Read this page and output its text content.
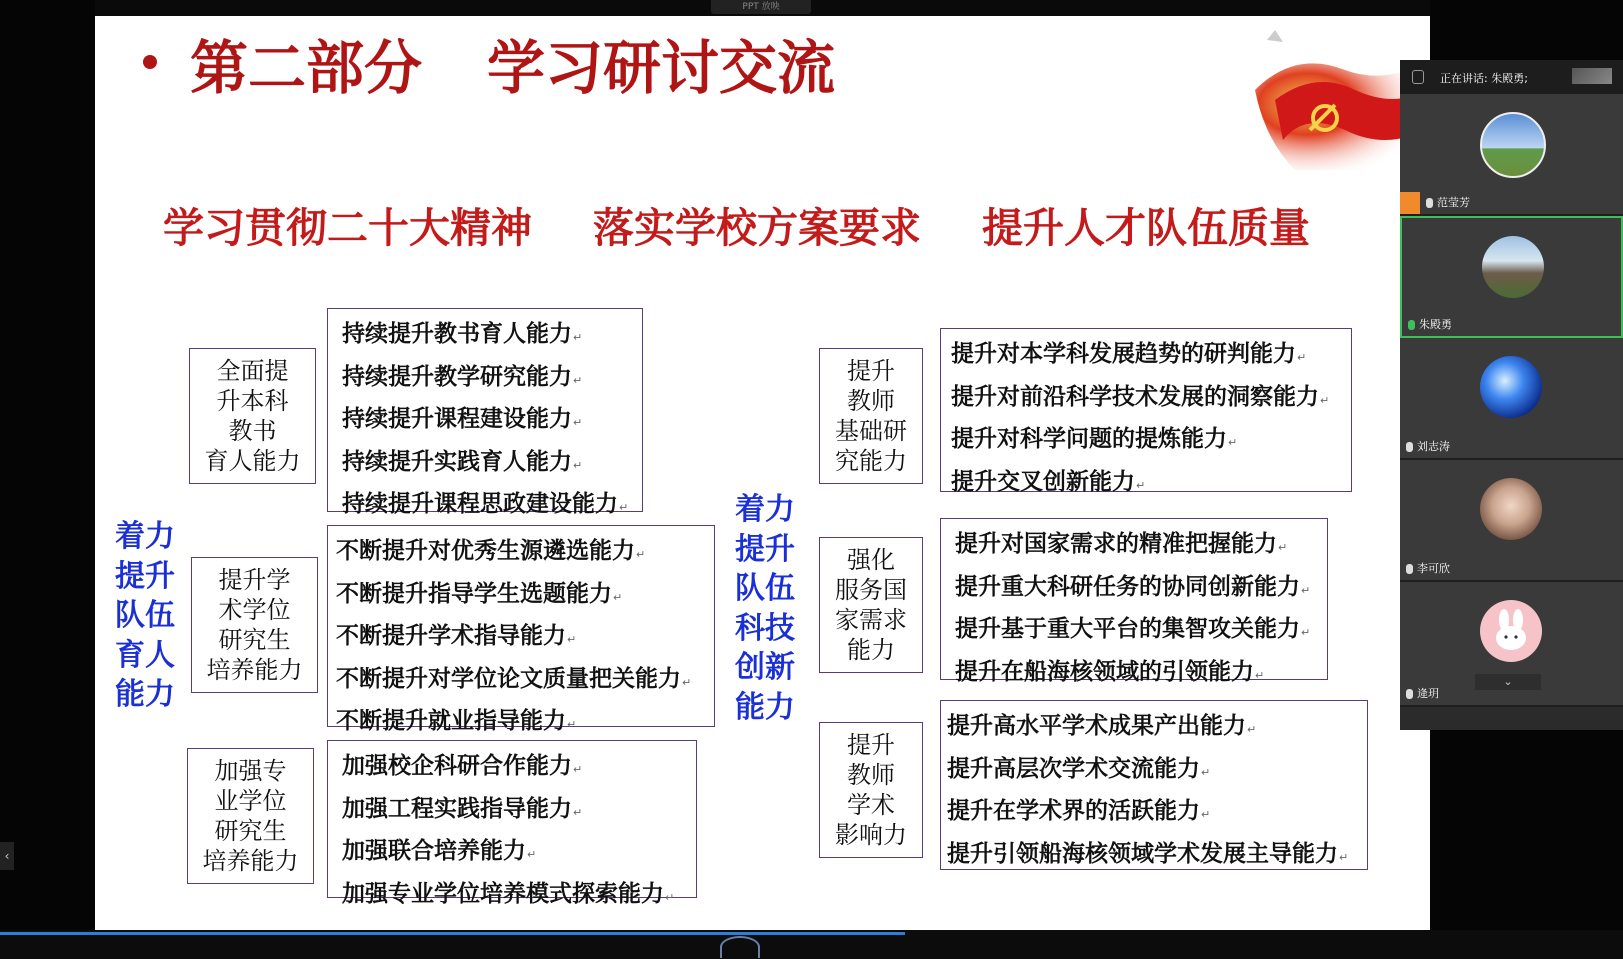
PPT 放映
第二部分 学习研讨交流
学习贯彻二十大精神 落实学校方案要求 提升人才队伍质量
着力
提升
队伍
育人
能力
着力
提升
队伍
科技
创新
能力
全面提
升本科
教书
育人能力
持续提升教书育人能力 ↵
持续提升教学研究能力 ↵
持续提升课程建设能力 ↵
持续提升实践育人能力 ↵
持续提升课程思政建设能力 ↵
提升学
术学位
研究生
培养能力
不断提升对优秀生源遴选能力 ↵
不断提升指导学生选题能力 ↵
不断提升学术指导能力 ↵
不断提升对学位论文质量把关能力 ↵
不断提升就业指导能力 ↵
加强专
业学位
研究生
培养能力
加强校企科研合作能力 ↵
加强工程实践指导能力 ↵
加强联合培养能力 ↵
加强专业学位培养模式探索能力 ↵
提升
教师
基础研
究能力
提升对本学科发展趋势的研判能力 ↵
提升对前沿科学技术发展的洞察能力 ↵
提升对科学问题的提炼能力 ↵
提升交叉创新能力 ↵
强化
服务国
家需求
能力
提升对国家需求的精准把握能力 ↵
提升重大科研任务的协同创新能力 ↵
提升基于重大平台的集智攻关能力 ↵
提升在船海核领域的引领能力 ↵
提升
教师
学术
影响力
提升高水平学术成果产出能力 ↵
提升高层次学术交流能力 ↵
提升在学术界的活跃能力 ↵
提升引领船海核领域学术发展主导能力 ↵
‹
正在讲话: 朱殿勇;
范莹芳
朱殿勇
刘志涛
李可欣
⌄
逄玥
